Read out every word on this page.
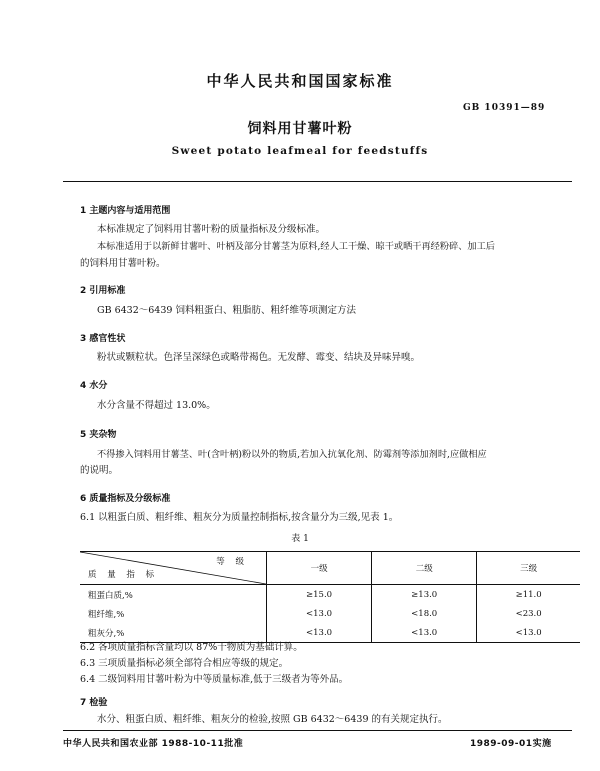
中华人民共和国国家标准
GB 10391—89
饲料用甘薯叶粉
Sweet potato leafmeal for feedstuffs
1 主题内容与适用范围
本标准规定了饲料用甘薯叶粉的质量指标及分级标准。
本标准适用于以新鲜甘薯叶、叶柄及部分甘薯茎为原料,经人工干燥、晾干或晒干再经粉碎、加工后
的饲料用甘薯叶粉。
2 引用标准
GB 6432～6439 饲料粗蛋白、粗脂肪、粗纤维等项测定方法
3 感官性状
粉状或颗粒状。色泽呈深绿色或略带褐色。无发酵、霉变、结块及异味异嗅。
4 水分
水分含量不得超过 13.0%。
5 夹杂物
不得掺入饲料用甘薯茎、叶(含叶柄)粉以外的物质,若加入抗氧化剂、防霉剂等添加剂时,应做相应
的说明。
6 质量指标及分级标准
6.1 以粗蛋白质、粗纤维、粗灰分为质量控制指标,按含量分为三级,见表 1。
表 1
等 级
质 量 指 标	一级	二级	三级
粗蛋白质,%	≥15.0	≥13.0	≥11.0
粗纤维,%	<13.0	<18.0	<23.0
粗灰分,%	<13.0	<13.0	<13.0
6.2 各项质量指标含量均以 87%干物质为基础计算。
6.3 三项质量指标必须全部符合相应等级的规定。
6.4 二级饲料用甘薯叶粉为中等质量标准,低于三级者为等外品。
7 检验
水分、粗蛋白质、粗纤维、粗灰分的检验,按照 GB 6432～6439 的有关规定执行。
中华人民共和国农业部 1988-10-11批准	1989-09-01实施
